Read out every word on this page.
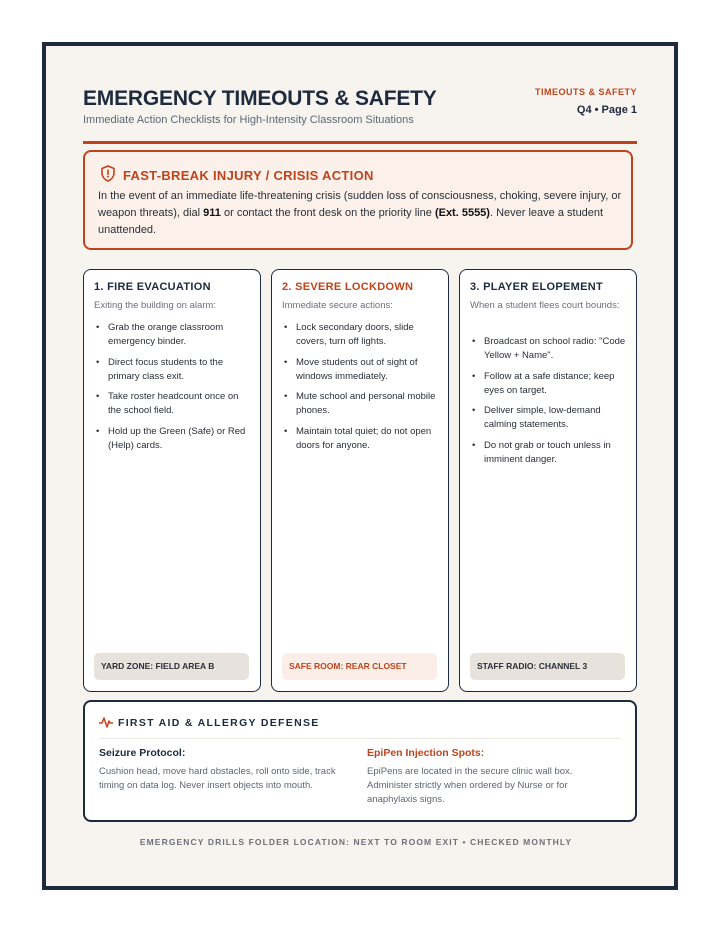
EMERGENCY TIMEOUTS & SAFETY
Immediate Action Checklists for High-Intensity Classroom Situations
TIMEOUTS & SAFETY
Q4 • Page 1
FAST-BREAK INJURY / CRISIS ACTION
In the event of an immediate life-threatening crisis (sudden loss of consciousness, choking, severe injury, or weapon threats), dial 911 or contact the front desk on the priority line (Ext. 5555). Never leave a student unattended.
1. FIRE EVACUATION
Exiting the building on alarm:
• Grab the orange classroom emergency binder.
• Direct focus students to the primary class exit.
• Take roster headcount once on the school field.
• Hold up the Green (Safe) or Red (Help) cards.
YARD ZONE: FIELD AREA B
2. SEVERE LOCKDOWN
Immediate secure actions:
• Lock secondary doors, slide covers, turn off lights.
• Move students out of sight of windows immediately.
• Mute school and personal mobile phones.
• Maintain total quiet; do not open doors for anyone.
SAFE ROOM: REAR CLOSET
3. PLAYER ELOPEMENT
When a student flees court bounds:
• Broadcast on school radio: "Code Yellow + Name".
• Follow at a safe distance; keep eyes on target.
• Deliver simple, low-demand calming statements.
• Do not grab or touch unless in imminent danger.
STAFF RADIO: CHANNEL 3
FIRST AID & ALLERGY DEFENSE
Seizure Protocol:
Cushion head, move hard obstacles, roll onto side, track timing on data log. Never insert objects into mouth.
EpiPen Injection Spots:
EpiPens are located in the secure clinic wall box. Administer strictly when ordered by Nurse or for anaphylaxis signs.
EMERGENCY DRILLS FOLDER LOCATION: NEXT TO ROOM EXIT • CHECKED MONTHLY
